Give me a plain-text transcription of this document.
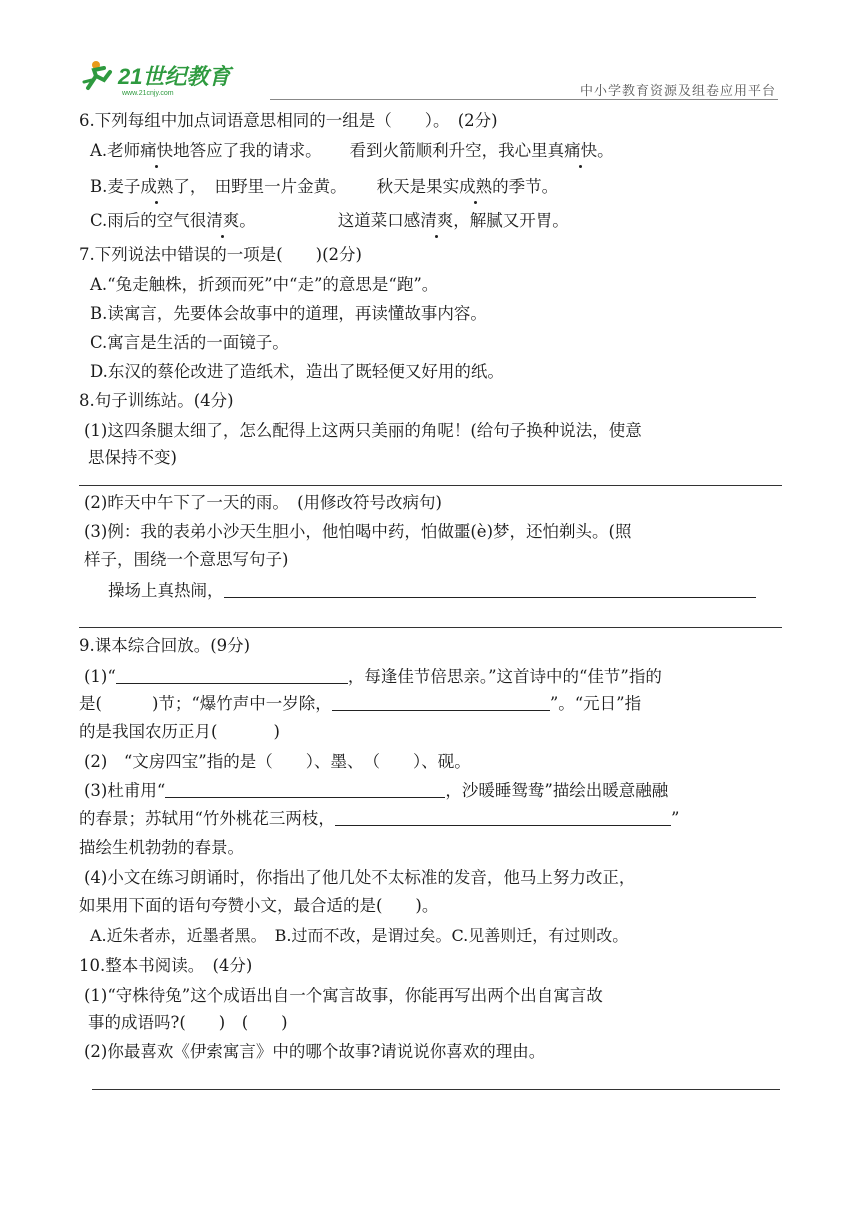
21世纪教育
www.21cnjy.com	中小学教育资源及组卷应用平台
6.下列每组中加点词语意思相同的一组是（　　）。　(2分)
A.老师痛快地答应了我的请求。 看到火箭顺利升空，我心里真痛快。
B.麦子成熟了，　田野里一片金黄。 秋天是果实成熟的季节。
C.雨后的空气很清爽。	这道菜口感清爽，解腻又开胃。
7.下列说法中错误的一项是(　　)(2分)
A.“兔走触株，折颈而死”中“走”的意思是“跑”。
B.读寓言，先要体会故事中的道理，再读懂故事内容。
C.寓言是生活的一面镜子。
D.东汉的蔡伦改进了造纸术，造出了既轻便又好用的纸。
8.句子训练站。(4分)
(1)这四条腿太细了，怎么配得上这两只美丽的角呢！(给句子换种说法，使意
思保持不变)
(2)昨天中午下了一天的雨。　(用修改符号改病句)
(3)例：我的表弟小沙天生胆小，他怕喝中药，怕做噩(è)梦，还怕剃头。(照
样子，围绕一个意思写句子)
操场上真热闹，
9.课本综合回放。(9分)
(1)“	，每逢佳节倍思亲。”这首诗中的“佳节”指的
是(	)节；“爆竹声中一岁除，	”。“元日”指
的是我国农历正月(	)
(2)　“文房四宝”指的是（　　）、墨、　（　　）、砚。
(3)杜甫用“	，沙暖睡鸳鸯”描绘出暖意融融
的春景；苏轼用“竹外桃花三两枝，	”
描绘生机勃勃的春景。
(4)小文在练习朗诵时，你指出了他几处不太标准的发音，他马上努力改正，
如果用下面的语句夸赞小文，最合适的是(　　)。
A.近朱者赤，近墨者黑。　B.过而不改，是谓过矣。C.见善则迁，有过则改。
10.整本书阅读。　(4分)
(1)“守株待兔”这个成语出自一个寓言故事，你能再写出两个出自寓言故
事的成语吗?(　　)　(　　)
(2)你最喜欢《伊索寓言》中的哪个故事?请说说你喜欢的理由。
